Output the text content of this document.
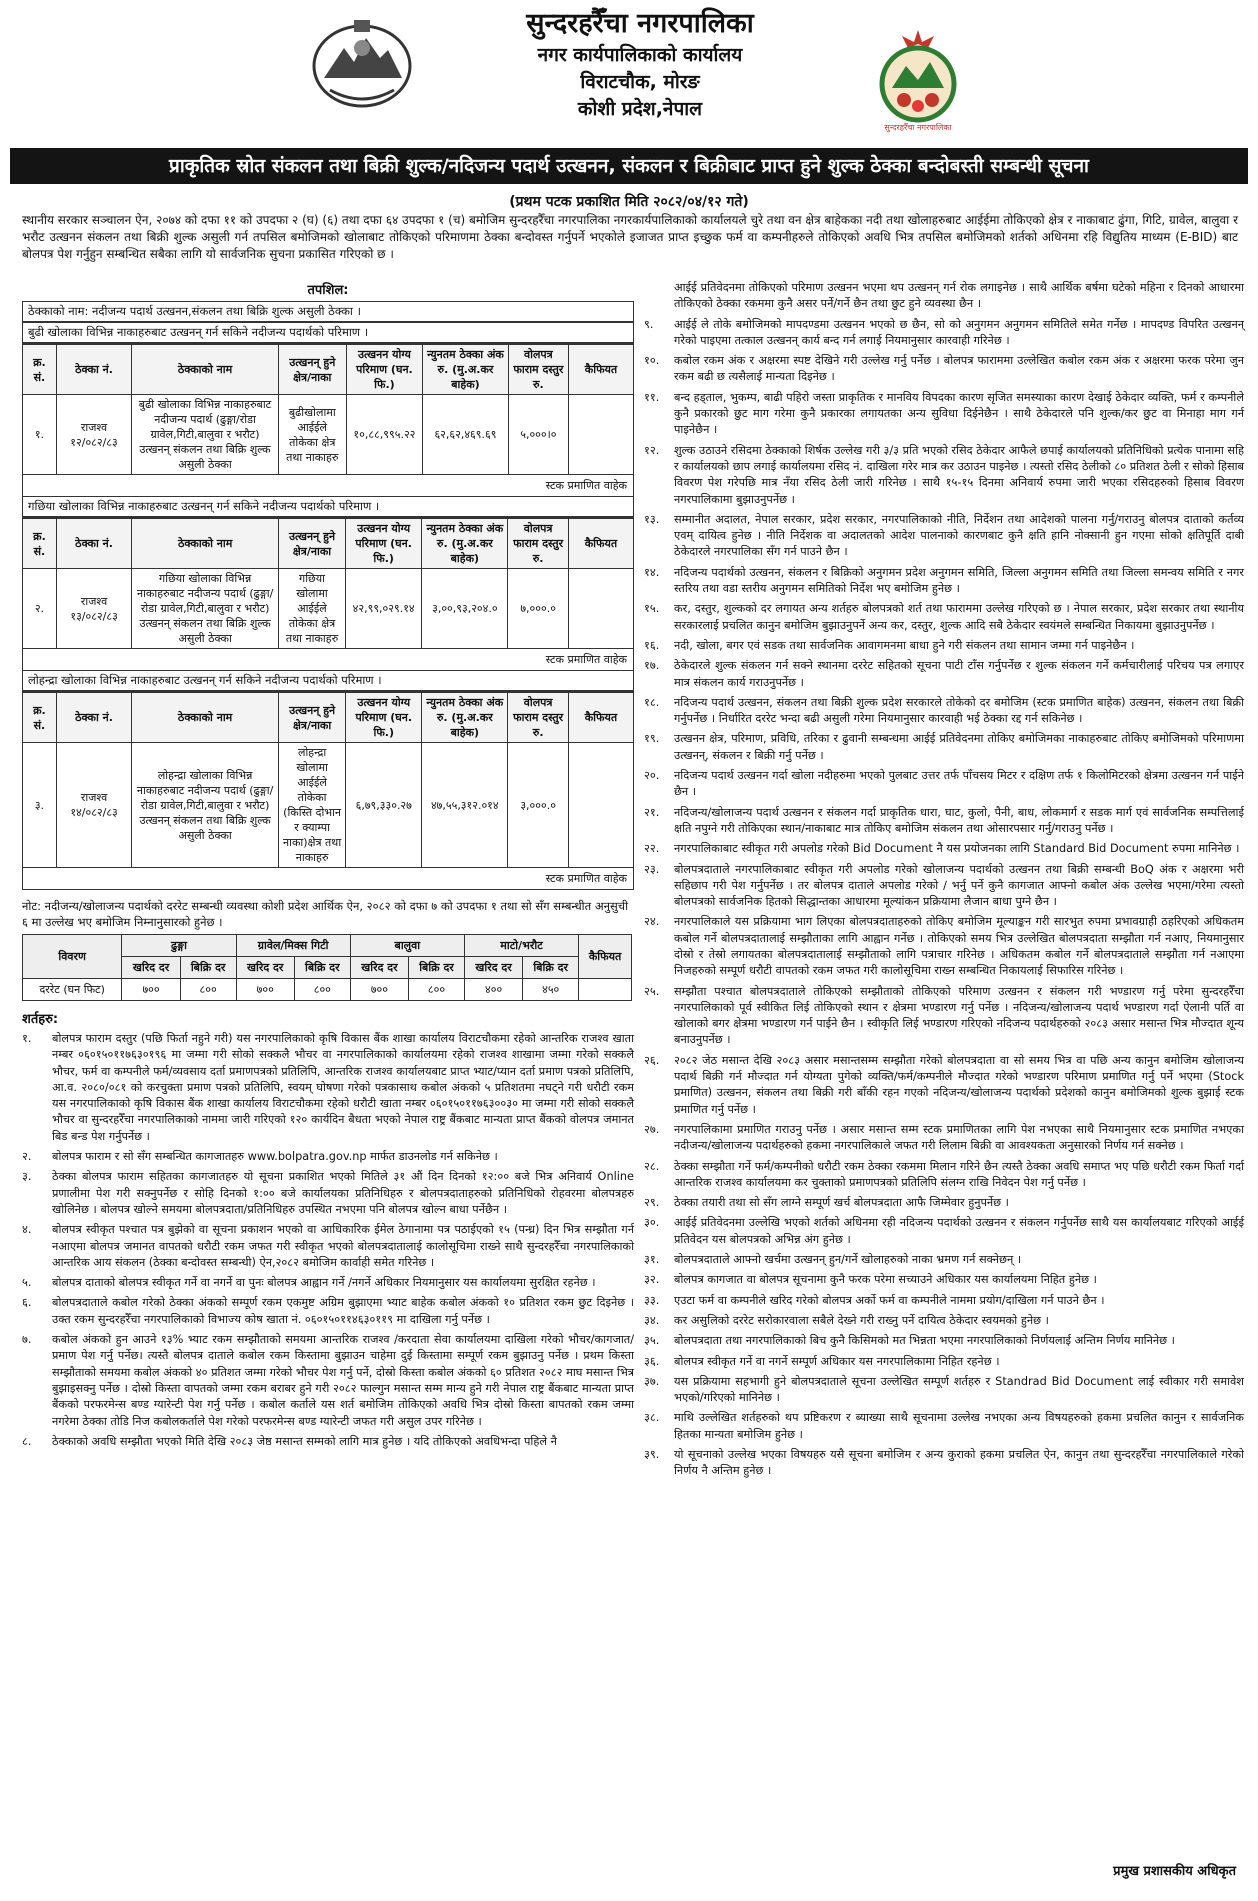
सुन्दरहरैँचा नगरपालिका
नगर कार्यपालिकाको कार्यालय
विराटचौक, मोरङ
कोशी प्रदेश,नेपाल
सुन्दरहरैँचा नगरपालिका
प्राकृतिक स्रोत संकलन तथा बिक्री शुल्क/नदिजन्य पदार्थ उत्खनन, संकलन र बिक्रीबाट प्राप्त हुने शुल्क ठेक्का बन्दोबस्ती सम्बन्धी सूचना
(प्रथम पटक प्रकाशित मिति २०८२/०४/१२ गते)
स्थानीय सरकार सञ्चालन ऐन, २०७४ को दफा ११ को उपदफा २ (घ) (६) तथा दफा ६४ उपदफा १ (च) बमोजिम सुन्दरहरैँचा नगरपालिका नगरकार्यपालिकाको कार्यालयले चुरे तथा वन क्षेत्र बाहेकका नदी तथा खोलाहरुबाट आईईमा तोकिएको क्षेत्र र नाकाबाट ढुंगा, गिटि, ग्रावेल, बालुवा र भरौट उत्खनन संकलन तथा बिक्री शुल्क असुली गर्न तपसिल बमोजिमको खोलाबाट तोकिएको परिमाणमा ठेक्का बन्दोवस्त गर्नुपर्ने भएकोले इजाजत प्राप्त इच्छुक फर्म वा कम्पनीहरुले तोकिएको अवधि भित्र तपसिल बमोजिमको शर्तको अधिनमा रहि विद्युतिय माध्यम (E-BID) बाट बोलपत्र पेश गर्नुहुन सम्बन्धित सबैका लागि यो सार्वजनिक सुचना प्रकासित गरिएको छ ।
तपशिल:
ठेक्काको नाम: नदीजन्य पदार्थ उत्खनन,संकलन तथा बिक्रि शुल्क असुली ठेक्का ।
बुढी खोलाका विभिन्न नाकाहरुबाट उत्खनन् गर्न सकिने नदीजन्य पदार्थको परिमाण ।
क्र. सं.	ठेक्का नं.	ठेक्काको नाम	उत्खनन् हुने क्षेत्र/नाका	उत्खनन योग्य परिमाण (घन. फि.)	न्युनतम ठेक्का अंक रु. (मु.अ.कर बाहेक)	वोलपत्र फाराम दस्तुर रु.	कैफियत
१.	राजश्व १२/०८२/८३	बुढी खोलाका विभिन्न नाकाहरुबाट नदीजन्य पदार्थ (ढुङ्गा/रोडा ग्रावेल,गिटी,बालुवा र भरौट) उत्खनन् संकलन तथा बिक्रि शुल्क असुली ठेक्का	बुढीखोलामा आईईले तोकेका क्षेत्र तथा नाकाहरु	१०,८८,९९५.२२	६२,६२,४६९.६९	५,०००।०	
स्टक प्रमाणित वाहेक
गछिया खोलाका विभिन्न नाकाहरुबाट उत्खनन् गर्न सकिने नदीजन्य पदार्थको परिमाण ।
क्र. सं.	ठेक्का नं.	ठेक्काको नाम	उत्खनन् हुने क्षेत्र/नाका	उत्खनन योग्य परिमाण (घन. फि.)	न्युनतम ठेक्का अंक रु. (मु.अ.कर बाहेक)	वोलपत्र फाराम दस्तुर रु.	कैफियत
२.	राजश्व १३/०८२/८३	गछिया खोलाका विभिन्न नाकाहरुबाट नदीजन्य पदार्थ (ढुङ्गा/रोडा ग्रावेल,गिटी,बालुवा र भरौट) उत्खनन् संकलन तथा बिक्रि शुल्क असुली ठेक्का	गछिया खोलामा आईईले तोकेका क्षेत्र तथा नाकाहरु	४२,९९,०२९.१४	३,००,९३,२०४.०	७,०००.०	
स्टक प्रमाणित वाहेक
लोहन्द्रा खोलाका विभिन्न नाकाहरुबाट उत्खनन् गर्न सकिने नदीजन्य पदार्थको परिमाण ।
क्र. सं.	ठेक्का नं.	ठेक्काको नाम	उत्खनन् हुने क्षेत्र/नाका	उत्खनन योग्य परिमाण (घन. फि.)	न्युनतम ठेक्का अंक रु. (मु.अ.कर बाहेक)	वोलपत्र फाराम दस्तुर रु.	कैफियत
३.	राजश्व १४/०८२/८३	लोहन्द्रा खोलाका विभिन्न नाकाहरुबाट नदीजन्य पदार्थ (ढुङ्गा/रोडा ग्रावेल,गिटी,बालुवा र भरौट) उत्खनन् संकलन तथा बिक्रि शुल्क असुली ठेक्का	लोहन्द्रा खोलामा आईईले तोकेका (किस्ति दोभान र क्याम्पा नाका)क्षेत्र तथा नाकाहरु	६,७९,३३०.२७	४७,५५,३१२.०१४	३,०००.०	
स्टक प्रमाणित वाहेक
नोट: नदीजन्य/खोलाजन्य पदार्थको दररेट सम्बन्धी व्यवस्था कोशी प्रदेश आर्थिक ऐन, २०८२ को दफा ७ को उपदफा १ तथा सो सँग सम्बन्धीत अनुसुची ६ मा उल्लेख भए बमोजिम निम्नानुसारको हुनेछ ।
विवरण	ढुङ्गा		ग्रावेल/मिक्स गिटी		बालुवा		माटो/भरौट		कैफियत
	खरिद दर	बिक्रि दर	खरिद दर	बिक्रि दर	खरिद दर	बिक्रि दर	खरिद दर	बिक्रि दर	
दररेट (घन फिट)	७००	८००	७००	८००	७००	८००	४००	४५०	
शर्तहरु:
१.	बोलपत्र फाराम दस्तुर (पछि फिर्ता नहुने गरी) यस नगरपालिकाको कृषि विकास बैंक शाखा कार्यालय विराटचौकमा रहेको आन्तरिक राजश्व खाता नम्बर ०६०१५०११७६३०१९६ मा जम्मा गरी सोको सक्कलै भौचर वा नगरपालिकाको कार्यालयमा रहेको राजश्व शाखामा जम्मा गरेको सक्कलै भौचर, फर्म वा कम्पनीले फर्म/व्यवसाय दर्ता प्रमाणपत्रको प्रतिलिपि, आन्तरिक राजश्व कार्यालयबाट प्राप्त भ्याट/प्यान दर्ता प्रमाण पत्रको प्रतिलिपि, आ.व. २०८०/०८१ को करचुक्ता प्रमाण पत्रको प्रतिलिपि, स्वयम् घोषणा गरेको पत्रकासाथ कबोल अंकको ५ प्रतिशतमा नघट्ने गरी धरौटी रकम यस नगरपालिकाको कृषि विकास बैंक शाखा कार्यालय विराटचौकमा रहेको धरौटी खाता नम्बर ०६०१५०११७६३००३० मा जम्मा गरी सोको सक्कलै भौचर वा सुन्दरहरैँचा नगरपालिकाको नाममा जारी गरिएको १२० कार्यदिन बैधता भएको नेपाल राष्ट्र बैंकबाट मान्यता प्राप्त बैंकको वोलपत्र जमानत बिड बन्ड पेश गर्नुपर्नेछ ।
२.	बोलपत्र फाराम र सो सँग सम्बन्धित कागजातहरु www.bolpatra.gov.np मार्फत डाउनलोड गर्न सकिनेछ ।
३.	ठेक्का बोलपत्र फाराम सहितका कागजातहरु यो सूचना प्रकाशित भएको मितिले ३१ औं दिन दिनको १२:०० बजे भित्र अनिवार्य Online प्रणालीमा पेश गरी सक्नुपर्नेछ र सोहि दिनको १:०० बजे कार्यालयका प्रतिनिधिहरु र बोलपत्रदाताहरुको प्रतिनिधिको रोहवरमा बोलपत्रहरु खोलिनेछ । बोलपत्र खोल्ने समयमा बोलपत्रदाता/प्रतिनिधिहरु उपस्थित नभएमा पनि बोलपत्र खोल्न बाधा पर्नेछैन ।
४.	बोलपत्र स्वीकृत पश्चात पत्र बुझेको वा सूचना प्रकाशन भएको वा आधिकारिक ईमेल ठेगानामा पत्र पठाईएको १५ (पन्ध्र) दिन भित्र सम्झौता गर्न नआएमा बोलपत्र जमानत वापतको धरौटी रकम जफत गरी स्वीकृत भएको बोलपत्रदातालाई कालोसूचिमा राख्ने साथै सुन्दरहरैँचा नगरपालिकाको आन्तरिक आय संकलन (ठेक्का बन्दोवस्त सम्बन्धी) ऐन,२०८२ बमोजिम कार्वाही समेत गरिनेछ ।
५.	बोलपत्र दाताको बोलपत्र स्वीकृत गर्ने वा नगर्ने वा पुनः बोलपत्र आह्वान गर्ने /नगर्ने अधिकार नियमानुसार यस कार्यालयमा सुरक्षित रहनेछ ।
६.	बोलपत्रदाताले कबोल गरेको ठेक्का अंकको सम्पूर्ण रकम एकमुष्ट अग्रिम बुझाएमा भ्याट बाहेक कबोल अंकको १० प्रतिशत रकम छुट दिइनेछ ।उक्त रकम सुन्दरहरैँचा नगरपालिकाको विभाज्य कोष खाता नं. ०६०१५०११४६३०११९ मा दाखिला गर्नु पर्नेछ ।
७.	कबोल अंकको हुन आउने १३% भ्याट रकम सम्झौताको समयमा आन्तरिक राजश्व /करदाता सेवा कार्यालयमा दाखिला गरेको भौचर/कागजात/प्रमाण पेश गर्नु पर्नेछ। त्यस्तै बोलपत्र दाताले कबोल रकम किस्तामा बुझाउन चाहेमा दुई किस्तामा सम्पूर्ण रकम बुझाउनु पर्नेछ । प्रथम किस्ता सम्झौताको समयमा कबोल अंकको ४० प्रतिशत जम्मा गरेको भौचर पेश गर्नु पर्ने, दोस्रो किस्ता कबोल अंकको ६० प्रतिशत २०८२ माघ मसान्त भित्र बुझाइसक्नु पर्नेछ । दोस्रो किस्ता वापतको जम्मा रकम बराबर हुने गरी २०८२ फाल्गुन मसान्त सम्म मान्य हुने गरी नेपाल राष्ट्र बैंकबाट मान्यता प्राप्त बैंकको परफरमेन्स बण्ड ग्यारेन्टी पेश गर्नु पर्नेछ । कबोल कर्ताले यस शर्त बमोजिम तोकिएको अवधि भित्र दोस्रो किस्ता बापतको रकम जम्मा नगरेमा ठेक्का तोडि निज कबोलकर्ताले पेश गरेको परफरमेन्स बण्ड ग्यारेन्टी जफत गरी असुल उपर गरिनेछ ।
८.	ठेक्काको अवधि सम्झौता भएको मिति देखि २०८३ जेष्ठ मसान्त सम्मको लागि मात्र हुनेछ । यदि तोकिएको अवधिभन्दा पहिले नै
आईई प्रतिवेदनमा तोकिएको परिमाण उत्खनन भएमा थप उत्खनन् गर्न रोक लगाइनेछ । साथै आर्थिक बर्षमा घटेको महिना र दिनको आधारमा तोकिएको ठेक्का रकममा कुनै असर पर्ने/गर्ने छैन तथा छुट हुने व्यवस्था छैन ।
९.	आईई ले तोके बमोजिमको मापदण्डमा उत्खनन भएको छ छैन, सो को अनुगमन अनुगमन समितिले समेत गर्नेछ । मापदण्ड विपरित उत्खनन् गरेको पाइएमा तत्काल उत्खनन् कार्य बन्द गर्न लगाई नियमानुसार कारवाही गरिनेछ ।
१०.	कबोल रकम अंक र अक्षरमा स्पष्ट देखिने गरी उल्लेख गर्नु पर्नेछ । बोलपत्र फाराममा उल्लेखित कबोल रकम अंक र अक्षरमा फरक परेमा जुन रकम बढी छ त्यसैलाई मान्यता दिइनेछ ।
११.	बन्द हड्ताल, भुकम्प, बाढी पहिरो जस्ता प्राकृतिक र मानविय विपदका कारण सृजित समस्याका कारण देखाई ठेकेदार व्यक्ति, फर्म र कम्पनीले कुनै प्रकारको छुट माग गरेमा कुनै प्रकारका लगायतका अन्य सुविधा दिईनेछैन । साथै ठेकेदारले पनि शुल्क/कर छुट वा मिनाहा माग गर्न पाइनेछैन ।
१२.	शुल्क उठाउने रसिदमा ठेक्काको शिर्षक उल्लेख गरी ३/३ प्रति भएको रसिद ठेकेदार आफैले छपाई कार्यालयको प्रतिनिधिको प्रत्येक पानामा सहि र कार्यालयको छाप लगाई कार्यालयमा रसिद नं. दाखिला गरेर मात्र कर उठाउन पाइनेछ । त्यस्तो रसिद ठेलीको ८० प्रतिशत ठेली र सोको हिसाब विवरण पेश गरेपछि मात्र नँया रसिद ठेली जारी गरिनेछ । साथै १५-१५ दिनमा अनिवार्य रुपमा जारी भएका रसिदहरुको हिसाब विवरण नगरपालिकामा बुझाउनुपर्नेछ ।
१३.	सम्मानीत अदालत, नेपाल सरकार, प्रदेश सरकार, नगरपालिकाको नीति, निर्देशन तथा आदेशको पालना गर्नु/गराउनु बोलपत्र दाताको कर्तव्य एवम् दायित्व हुनेछ । नीति निर्देशक वा अदालतको आदेश पालनाको कारणबाट कुनै क्षति हानि नोक्सानी हुन गएमा सोको क्षतिपूर्ति दाबी ठेकेदारले नगरपालिका सँग गर्न पाउने छैन ।
१४.	नदिजन्य पदार्थको उत्खनन, संकलन र बिक्रिको अनुगमन प्रदेश अनुगमन समिति, जिल्ला अनुगमन समिति तथा जिल्ला समन्वय समिति र नगर स्तरिय तथा वडा स्तरीय अनुगमन समितिको निर्देश भए बमोजिम हुनेछ ।
१५.	कर, दस्तुर, शुल्कको दर लगायत अन्य शर्तहरु बोलपत्रको शर्त तथा फाराममा उल्लेख गरिएको छ । नेपाल सरकार, प्रदेश सरकार तथा स्थानीय सरकारलाई प्रचलित कानुन बमोजिम बुझाउनुपर्ने अन्य कर, दस्तुर, शुल्क आदि सबै ठेकेदार स्वयंमले सम्बन्धित निकायमा बुझाउनुपर्नेछ ।
१६.	नदी, खोला, बगर एवं सडक तथा सार्वजनिक आवागमनमा बाधा हुने गरी संकलन तथा सामान जम्मा गर्न पाइनेछैन ।
१७.	ठेकेदारले शुल्क संकलन गर्न सक्ने स्थानमा दररेट सहितको सूचना पाटी टाँस गर्नुपर्नेछ र शुल्क संकलन गर्ने कर्मचारीलाई परिचय पत्र लगाएर मात्र संकलन कार्य गराउनुपर्नेछ ।
१८.	नदिजन्य पदार्थ उत्खनन, संकलन तथा बिक्री शुल्क प्रदेश सरकारले तोकेको दर बमोजिम (स्टक प्रमाणित बाहेक) उत्खनन, संकलन तथा बिक्री गर्नुपर्नेछ । निर्धारित दररेट भन्दा बढी असुली गरेमा नियमानुसार कारवाही भई ठेक्का रद्द गर्न सकिनेछ ।
१९.	उत्खनन क्षेत्र, परिमाण, प्रविधि, तरिका र ढुवानी सम्बन्धमा आईई प्रतिवेदनमा तोकिए बमोजिमका नाकाहरुबाट तोकिए बमोजिमको परिमाणमा उत्खनन्, संकलन र बिक्री गर्नु पर्नेछ ।
२०.	नदिजन्य पदार्थ उत्खनन गर्दा खोला नदीहरुमा भएको पुलबाट उत्तर तर्फ पाँचसय मिटर र दक्षिण तर्फ १ किलोमिटरको क्षेत्रमा उत्खनन गर्न पाईने छैन ।
२१.	नदिजन्य/खोलाजन्य पदार्थ उत्खनन र संकलन गर्दा प्राकृतिक धारा, घाट, कुलो, पैनी, बाध, लोकमार्ग र सडक मार्ग एवं सार्वजनिक सम्पत्तिलाई क्षति नपुग्ने गरी तोकिएका स्थान/नाकाबाट मात्र तोकिए बमोजिम संकलन तथा ओसारपसार गर्नु/गराउनु पर्नेछ ।
२२.	नगरपालिकाबाट स्वीकृत गरी अपलोड गरेको Bid Document नै यस प्रयोजनका लागि Standard Bid Document रुपमा मानिनेछ ।
२३.	बोलपत्रदाताले नगरपालिकाबाट स्वीकृत गरी अपलोड गरेको खोलाजन्य पदार्थको उत्खनन तथा बिक्री सम्बन्धी BoQ अंक र अक्षरमा भरी सहिछाप गरी पेश गर्नुपर्नेछ । तर बोलपत्र दाताले अपलोड गरेको ∕ भर्नु पर्ने कुनै कागजात आफ्नो कबोल अंक उल्लेख भएमा/गरेमा त्यस्तो बोलपत्रको सार्वजनिक हितको सिद्धान्तका आधारमा मूल्यांकन प्रक्रियामा लैजान बाधा पुग्ने छैन ।
२४.	नगरपालिकाले यस प्रक्रियामा भाग लिएका बोलपत्रदाताहरुको तोकिए बमोजिम मूल्याङ्कन गरी सारभुत रुपमा प्रभावग्राही ठहरिएको अधिकतम कबोल गर्ने बोलपत्रदातालाई सम्झौताका लागि आह्वान गर्नेछ । तोकिएको समय भित्र उल्लेखित बोलपत्रदाता सम्झौता गर्न नआए, नियमानुसार दोस्रो र तेस्रो लगायतका बोलपत्रदातालाई सम्झौताको लागि पत्राचार गरिनेछ । अधिकतम कबोल गर्ने बोलपत्रदाताले सम्झौता गर्न नआएमा निजहरुको सम्पूर्ण धरौटी वापतको रकम जफत गरी कालोसूचिमा राख्न सम्बन्धित निकायलाई सिफारिस गरिनेछ ।
२५.	सम्झौता पश्चात बोलपत्रदाताले तोकिएको सम्झौताको तोकिएको परिमाण उत्खनन र संकलन गरी भण्डारण गर्नु परेमा सुन्दरहरैँचा नगरपालिकाको पूर्व स्वीकित लिई तोकिएको स्थान र क्षेत्रमा भण्डारण गर्नु पर्नेछ । नदिजन्य/खोलाजन्य पदार्थ भण्डारण गर्दा ऐलानी पर्ति वा खोलाको बगर क्षेत्रमा भण्डारण गर्न पाईने छैन । स्वीकृति लिई भण्डारण गरिएको नदिजन्य पदार्थहरुको २०८३ असार मसान्त भित्र मौज्दात शून्य बनाउनुपर्नेछ ।
२६.	२०८२ जेठ मसान्त देखि २०८३ असार मसान्तसम्म सम्झौता गरेको बोलपत्रदाता वा सो समय भित्र वा पछि अन्य कानुन बमोजिम खोलाजन्य पदार्थ बिक्री गर्न मौज्दात गर्न योग्यता पुगेको व्यक्ति/फर्म/कम्पनीले मौज्दात गरेको भण्डारण परिमाण प्रमाणित गर्नु पर्ने भएमा (Stock प्रमाणित) उत्खनन, संकलन तथा बिक्री गरी बाँकी रहन गएको नदिजन्य/खोलाजन्य पदार्थको प्रदेशको कानुन बमोजिमको शुल्क बुझाई स्टक प्रमाणित गर्नु पर्नेछ ।
२७.	नगरपालिकामा प्रमाणित गराउनु पर्नेछ । असार मसान्त सम्म स्टक प्रमाणितका लागि पेश नभएका साथै नियमानुसार स्टक प्रमाणित नभएका नदीजन्य/खोलाजन्य पदार्थहरुको हकमा नगरपालिकाले जफत गरी लिलाम बिक्री वा आवश्यकता अनुसारको निर्णय गर्न सक्नेछ ।
२८.	ठेक्का सम्झौता गर्ने फर्म/कम्पनीको धरौटी रकम ठेक्का रकममा मिलान गरिने छैन त्यस्तै ठेक्का अवधि समाप्त भए पछि धरौटी रकम फिर्ता गर्दा आन्तरिक राजश्व कार्यालयमा कर चुक्ताको प्रमाणपत्रको प्रतिलिपि संलग्न राखि निवेदन पेश गर्नु पर्नेछ ।
२९.	ठेक्का तयारी तथा सो सँग लाग्ने सम्पूर्ण खर्च बोलपत्रदाता आफै जिम्मेवार हुनुपर्नेछ ।
३०.	आईई प्रतिवेदनमा उल्लेखि भएको शर्तको अधिनमा रही नदिजन्य पदार्थको उत्खनन र संकलन गर्नुपर्नेछ साथै यस कार्यालयबाट गरिएको आईई प्रतिवेदन यस बोलपत्रको अभिन्न अंग हुनेछ ।
३१.	बोलपत्रदाताले आफ्नो खर्चमा उत्खनन् हुन/गर्ने खोलाहरुको नाका भ्रमण गर्न सक्नेछन् ।
३२.	बोलपत्र कागजात वा बोलपत्र सूचनामा कुनै फरक परेमा सच्याउने अधिकार यस कार्यालयमा निहित हुनेछ ।
३३.	एउटा फर्म वा कम्पनीले खरिद गरेको बोलपत्र अर्को फर्म वा कम्पनीले नाममा प्रयोग/दाखिला गर्न पाउने छैन ।
३४.	कर असुलिको दररेट सरोकारवाला सबैले देख्ने गरी राख्नु पर्ने दायित्व ठेकेदार स्वयमको हुनेछ ।
३५.	बोलपत्रदाता तथा नगरपालिकाको बिच कुनै किसिमको मत भिन्नता भएमा नगरपालिकाको निर्णयलाई अन्तिम निर्णय मानिनेछ ।
३६.	बोलपत्र स्वीकृत गर्ने वा नगर्ने सम्पूर्ण अधिकार यस नगरपालिकामा निहित रहनेछ ।
३७.	यस प्रक्रियामा सहभागी हुने बोलपत्रदाताले सूचना उल्लेखित सम्पूर्ण शर्तहरु र Standrad Bid Document लाई स्वीकार गरी समावेश भएको/गरिएको मानिनेछ ।
३८.	माथि उल्लेखित शर्तहरुको थप प्रष्टिकरण र ब्याख्या साथै सूचनामा उल्लेख नभएका अन्य विषयहरुको हकमा प्रचलित कानुन र सार्वजनिक हितका मान्यता बमोजिम हुनेछ ।
३९.	यो सूचनाको उल्लेख भएका विषयहरु यसै सूचना बमोजिम र अन्य कुराको हकमा प्रचलित ऐन, कानुन तथा सुन्दरहरैँचा नगरपालिकाले गरेको निर्णय नै अन्तिम हुनेछ ।
प्रमुख प्रशासकीय अधिकृत
